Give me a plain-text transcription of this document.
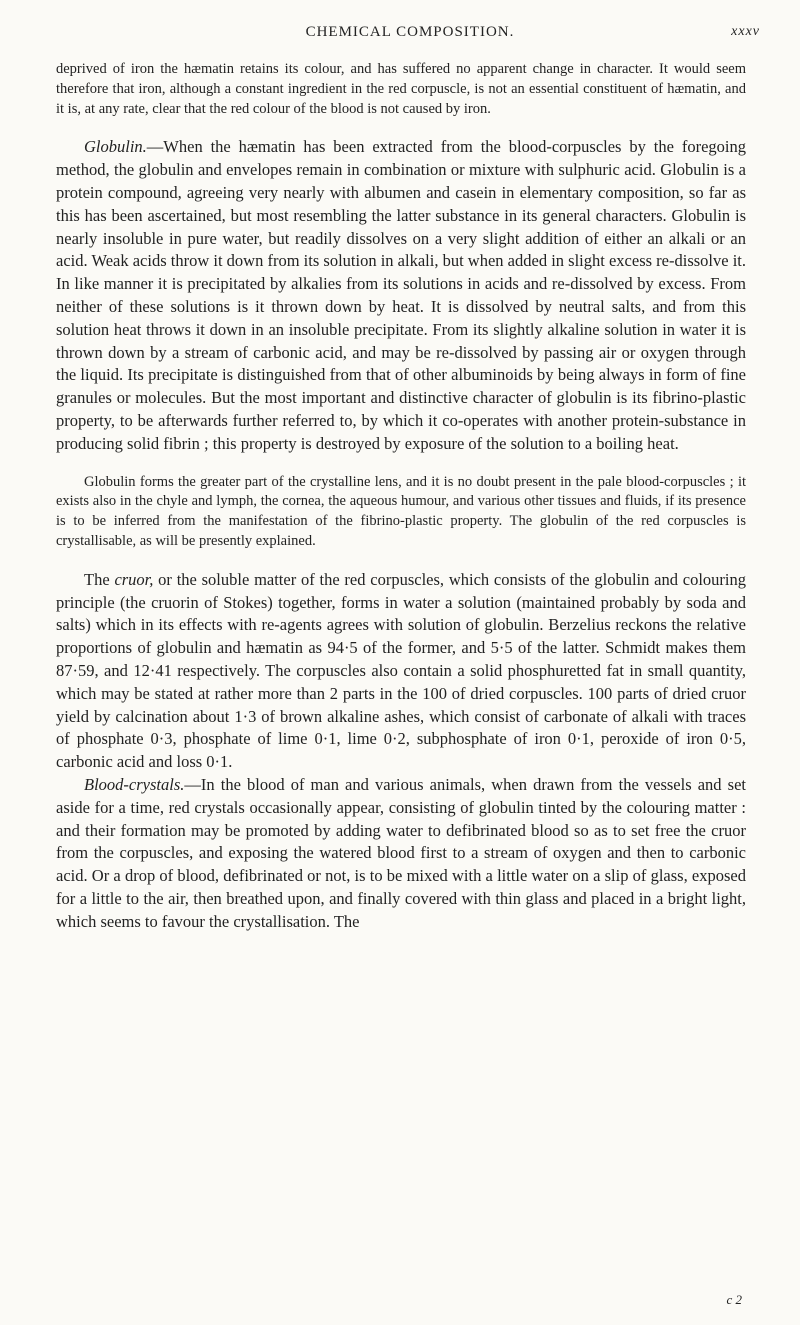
CHEMICAL COMPOSITION.	xxxv

deprived of iron the hæmatin retains its colour, and has suffered no apparent change in character. It would seem therefore that iron, although a constant ingredient in the red corpuscle, is not an essential constituent of hæmatin, and it is, at any rate, clear that the red colour of the blood is not caused by iron.

Globulin.—When the hæmatin has been extracted from the blood-corpuscles by the foregoing method, the globulin and envelopes remain in combination or mixture with sulphuric acid. Globulin is a protein compound, agreeing very nearly with albumen and casein in elementary composition, so far as this has been ascertained, but most resembling the latter substance in its general characters. Globulin is nearly insoluble in pure water, but readily dissolves on a very slight addition of either an alkali or an acid. Weak acids throw it down from its solution in alkali, but when added in slight excess re-dissolve it. In like manner it is precipitated by alkalies from its solutions in acids and re-dissolved by excess. From neither of these solutions is it thrown down by heat. It is dissolved by neutral salts, and from this solution heat throws it down in an insoluble precipitate. From its slightly alkaline solution in water it is thrown down by a stream of carbonic acid, and may be re-dissolved by passing air or oxygen through the liquid. Its precipitate is distinguished from that of other albuminoids by being always in form of fine granules or molecules. But the most important and distinctive character of globulin is its fibrino-plastic property, to be afterwards further referred to, by which it co-operates with another protein-substance in producing solid fibrin ; this property is destroyed by exposure of the solution to a boiling heat.

Globulin forms the greater part of the crystalline lens, and it is no doubt present in the pale blood-corpuscles ; it exists also in the chyle and lymph, the cornea, the aqueous humour, and various other tissues and fluids, if its presence is to be inferred from the manifestation of the fibrino-plastic property. The globulin of the red corpuscles is crystallisable, as will be presently explained.

The cruor, or the soluble matter of the red corpuscles, which consists of the globulin and colouring principle (the cruorin of Stokes) together, forms in water a solution (maintained probably by soda and salts) which in its effects with re-agents agrees with solution of globulin. Berzelius reckons the relative proportions of globulin and hæmatin as 94·5 of the former, and 5·5 of the latter. Schmidt makes them 87·59, and 12·41 respectively. The corpuscles also contain a solid phosphuretted fat in small quantity, which may be stated at rather more than 2 parts in the 100 of dried corpuscles. 100 parts of dried cruor yield by calcination about 1·3 of brown alkaline ashes, which consist of carbonate of alkali with traces of phosphate 0·3, phosphate of lime 0·1, lime 0·2, subphosphate of iron 0·1, peroxide of iron 0·5, carbonic acid and loss 0·1.

Blood-crystals.—In the blood of man and various animals, when drawn from the vessels and set aside for a time, red crystals occasionally appear, consisting of globulin tinted by the colouring matter : and their formation may be promoted by adding water to defibrinated blood so as to set free the cruor from the corpuscles, and exposing the watered blood first to a stream of oxygen and then to carbonic acid. Or a drop of blood, defibrinated or not, is to be mixed with a little water on a slip of glass, exposed for a little to the air, then breathed upon, and finally covered with thin glass and placed in a bright light, which seems to favour the crystallisation. The

c 2
